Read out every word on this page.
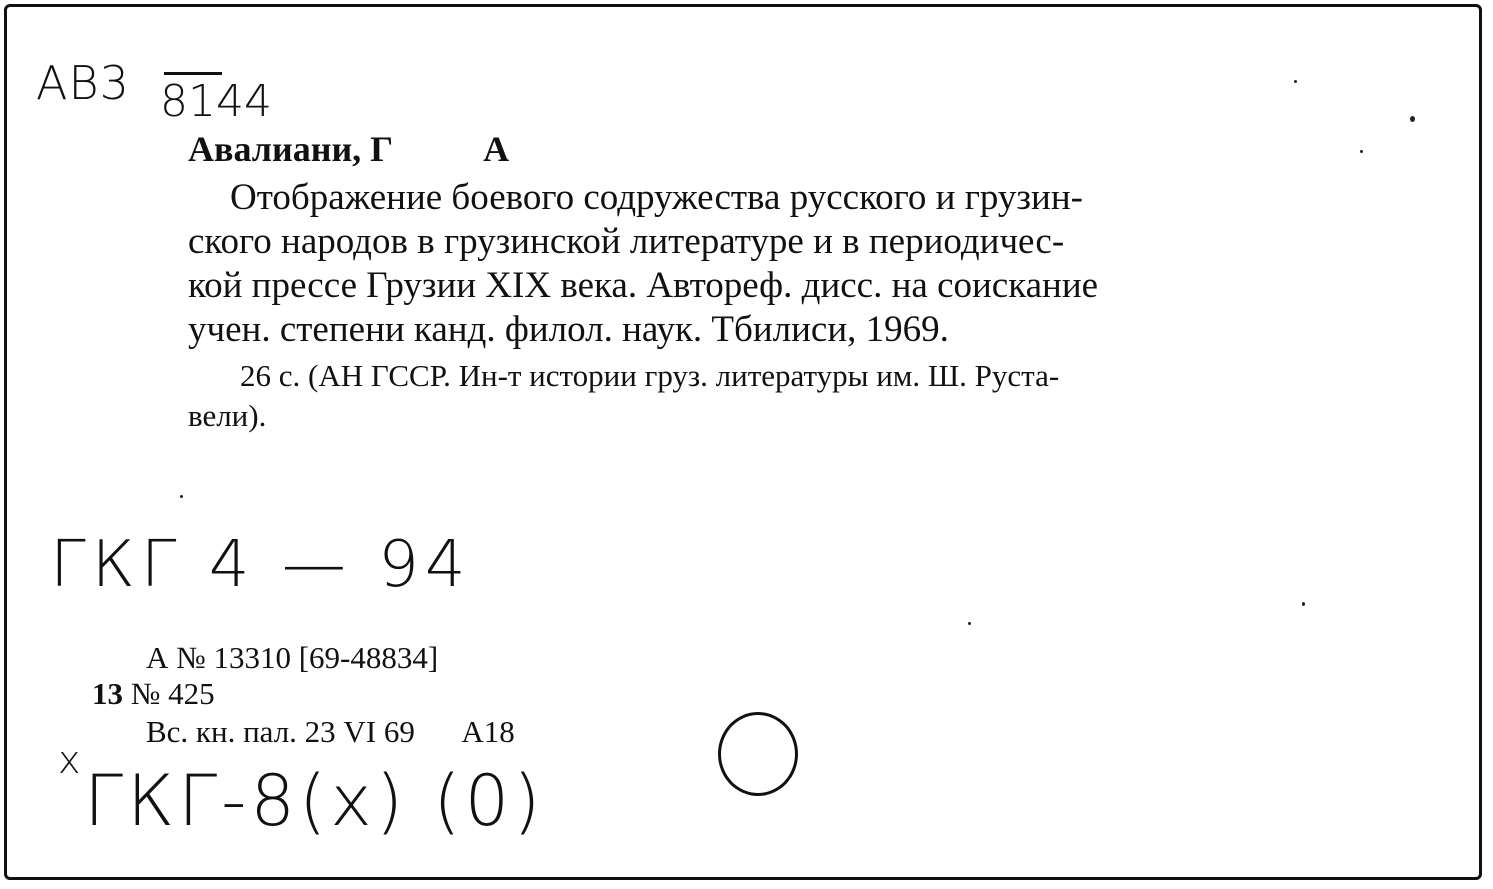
AB3 8144
Авалиани, Г          А
Отображение боевого содружества русского и грузин-
ского народов в грузинской литературе и в периодичес-
кой прессе Грузии XIX века. Автореф. дисс. на соискание
учен. степени канд. филол. наук. Тбилиси, 1969.
26 с. (АН ГССР. Ин-т истории груз. литературы им. Ш. Руста-
вели).
ГКГ 4 — 94
А № 13310 [69-48834]
13 № 425
Вс. кн. пал. 23 VI 69      А18
x ГКГ-8(x) (0)
